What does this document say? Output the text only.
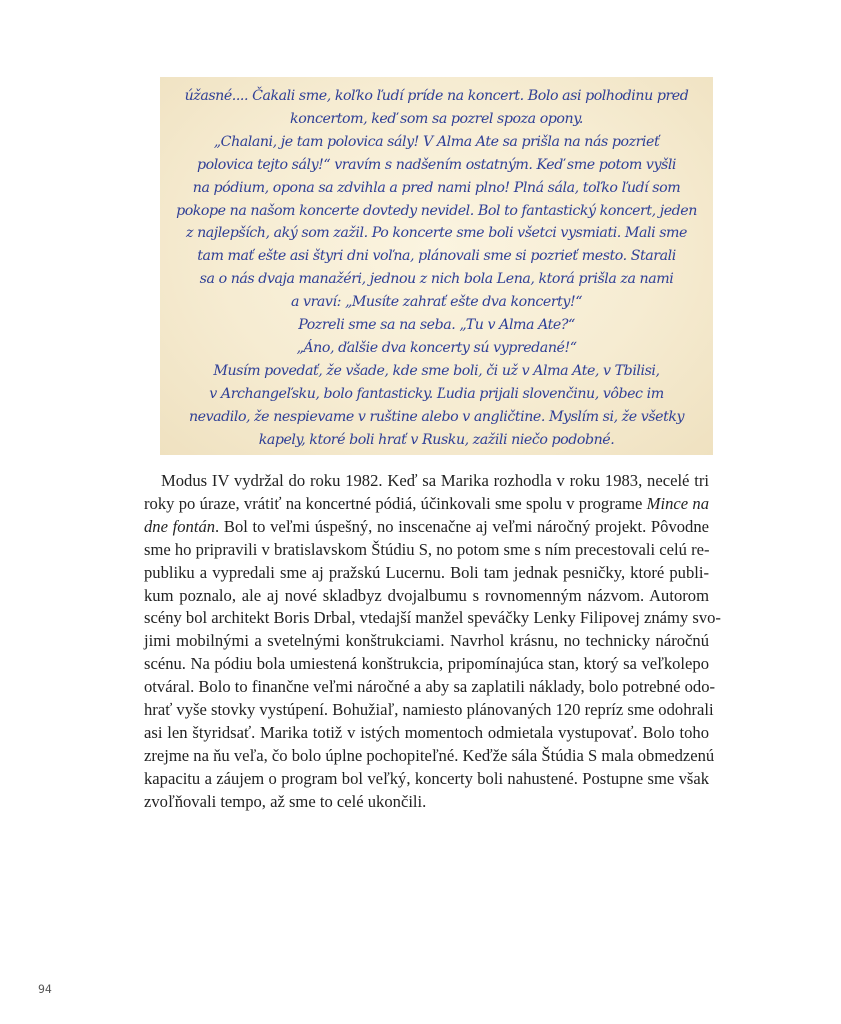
úžasné.... Čakali sme, koľko ľudí príde na koncert. Bolo asi polhodinu pred
koncertom, keď som sa pozrel spoza opony.
„Chalani, je tam polovica sály! V Alma Ate sa prišla na nás pozrieť
polovica tejto sály!“ vravím s nadšením ostatným. Keď sme potom vyšli
na pódium, opona sa zdvihla a pred nami plno! Plná sála, toľko ľudí som
pokope na našom koncerte dovtedy nevidel. Bol to fantastický koncert, jeden
z najlepších, aký som zažil. Po koncerte sme boli všetci vysmiati. Mali sme
tam mať ešte asi štyri dni voľna, plánovali sme si pozrieť mesto. Starali
sa o nás dvaja manažéri, jednou z nich bola Lena, ktorá prišla za nami
a vraví: „Musíte zahrať ešte dva koncerty!“
Pozreli sme sa na seba. „Tu v Alma Ate?“
„Áno, ďalšie dva koncerty sú vypredané!“
Musím povedať, že všade, kde sme boli, či už v Alma Ate, v Tbilisi,
v Archangeľsku, bolo fantasticky. Ľudia prijali slovenčinu, vôbec im
nevadilo, že nespievame v ruštine alebo v angličtine. Myslím si, že všetky
kapely, ktoré boli hrať v Rusku, zažili niečo podobné.
Modus IV vydržal do roku 1982. Keď sa Marika rozhodla v roku 1983, necelé tri
roky po úraze, vrátiť na koncertné pódiá, účinkovali sme spolu v programe Mince na
dne fontán. Bol to veľmi úspešný, no inscenačne aj veľmi náročný projekt. Pôvodne
sme ho pripravili v bratislavskom Štúdiu S, no potom sme s ním precestovali celú re-
publiku a vypredali sme aj pražskú Lucernu. Boli tam jednak pesničky, ktoré publi-
kum poznalo, ale aj nové skladbyz dvojalbumu s rovnomenným názvom. Autorom
scény bol architekt Boris Drbal, vtedajší manžel speváčky Lenky Filipovej známy svo-
jimi mobilnými a svetelnými konštrukciami. Navrhol krásnu, no technicky náročnú
scénu. Na pódiu bola umiestená konštrukcia, pripomínajúca stan, ktorý sa veľkolepo
otváral. Bolo to finančne veľmi náročné a aby sa zaplatili náklady, bolo potrebné odo-
hrať vyše stovky vystúpení. Bohužiaľ, namiesto plánovaných 120 repríz sme odohrali
asi len štyridsať. Marika totiž v istých momentoch odmietala vystupovať. Bolo toho
zrejme na ňu veľa, čo bolo úplne pochopiteľné. Keďže sála Štúdia S mala obmedzenú
kapacitu a záujem o program bol veľký, koncerty boli nahustené. Postupne sme však
zvoľňovali tempo, až sme to celé ukončili.
94
